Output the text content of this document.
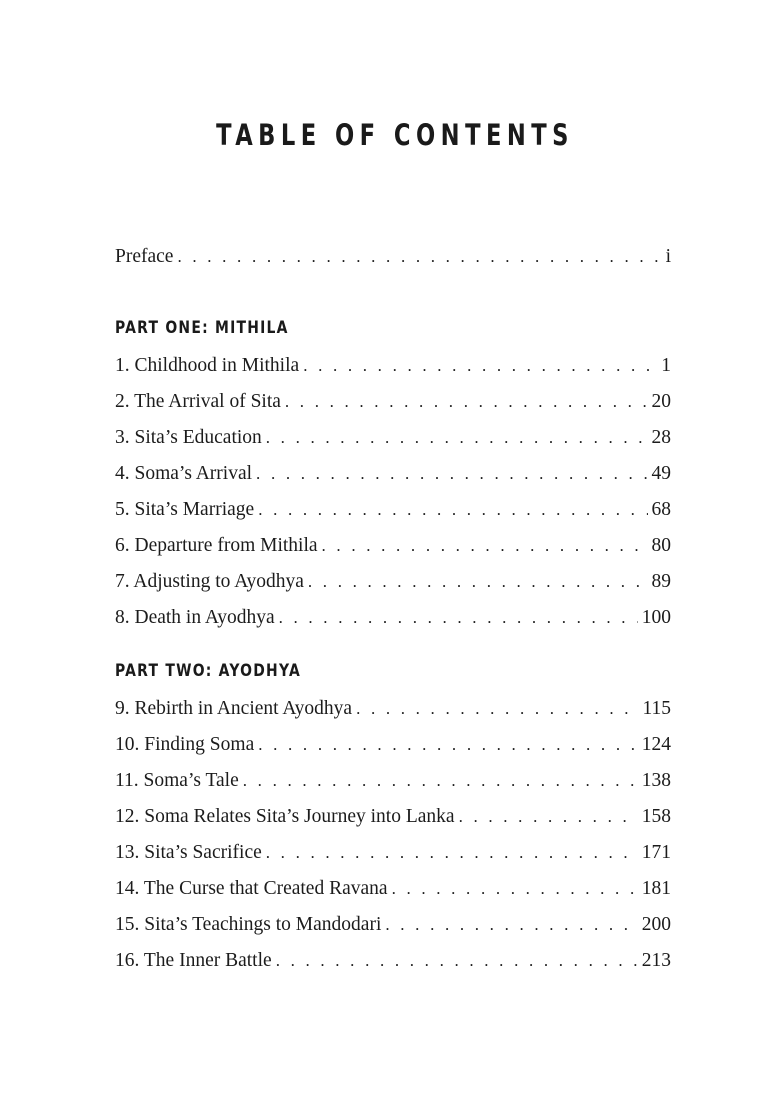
TABLE OF CONTENTS
Preface . . .	i
PART ONE: MITHILA
1. Childhood in Mithila . . .	1
2. The Arrival of Sita . . .	20
3. Sita’s Education . . .	28
4. Soma’s Arrival . . .	49
5. Sita’s Marriage . . .	68
6. Departure from Mithila . . .	80
7. Adjusting to Ayodhya . . .	89
8. Death in Ayodhya . . .	100
PART TWO: AYODHYA
9. Rebirth in Ancient Ayodhya . . .	115
10. Finding Soma . . .	124
11. Soma’s Tale . . .	138
12. Soma Relates Sita’s Journey into Lanka . . .	158
13. Sita’s Sacrifice . . .	171
14. The Curse that Created Ravana . . .	181
15. Sita’s Teachings to Mandodari . . .	200
16. The Inner Battle . . .	213
